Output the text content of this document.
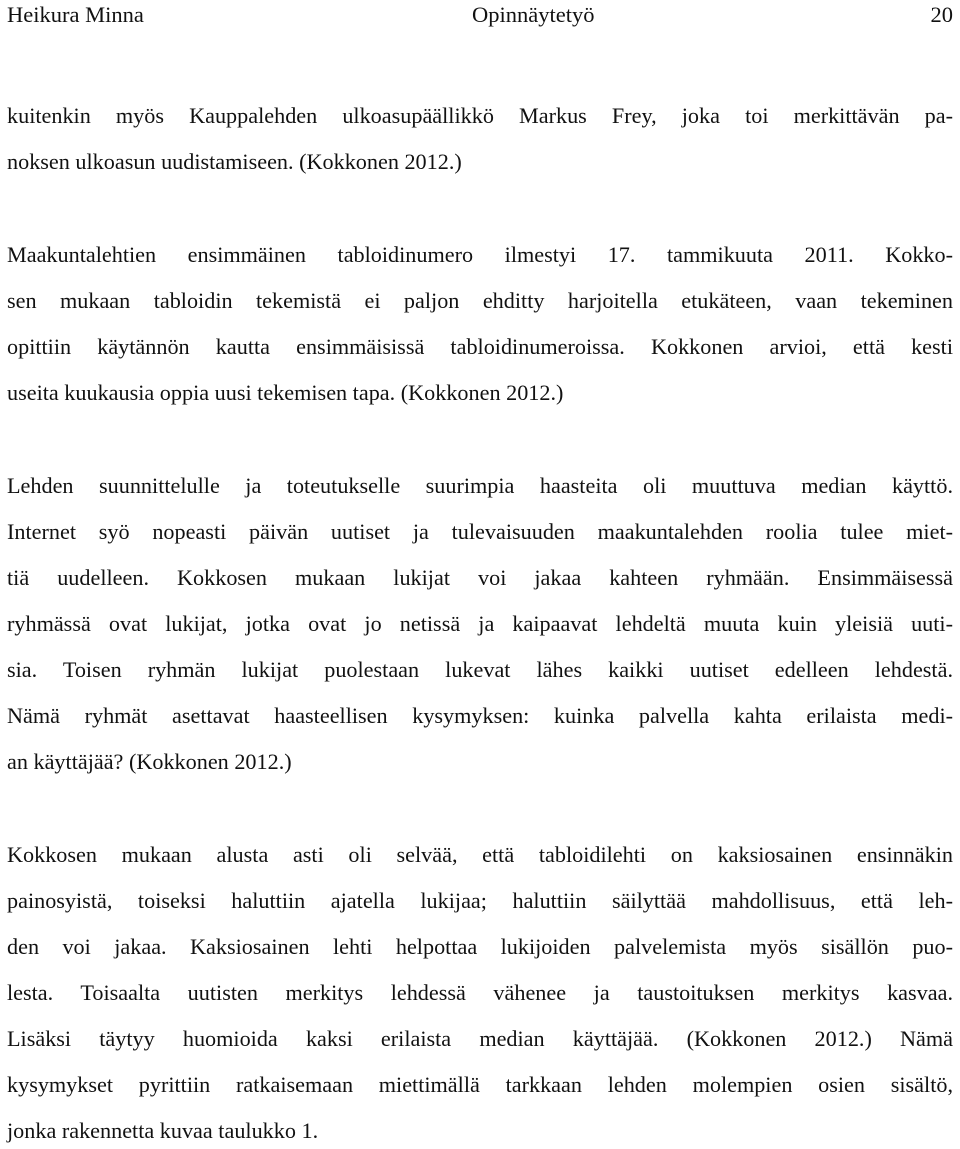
Heikura Minna	Opinnäytetyö	20
kuitenkin myös Kauppalehden ulkoasupäällikkö Markus Frey, joka toi merkittävän pa-
noksen ulkoasun uudistamiseen. (Kokkonen 2012.)
Maakuntalehtien ensimmäinen tabloidinumero ilmestyi 17. tammikuuta 2011. Kokko-
sen mukaan tabloidin tekemistä ei paljon ehditty harjoitella etukäteen, vaan tekeminen
opittiin käytännön kautta ensimmäisissä tabloidinumeroissa. Kokkonen arvioi, että kesti
useita kuukausia oppia uusi tekemisen tapa. (Kokkonen 2012.)
Lehden suunnittelulle ja toteutukselle suurimpia haasteita oli muuttuva median käyttö.
Internet syö nopeasti päivän uutiset ja tulevaisuuden maakuntalehden roolia tulee miet-
tiä uudelleen. Kokkosen mukaan lukijat voi jakaa kahteen ryhmään. Ensimmäisessä
ryhmässä ovat lukijat, jotka ovat jo netissä ja kaipaavat lehdeltä muuta kuin yleisiä uuti-
sia. Toisen ryhmän lukijat puolestaan lukevat lähes kaikki uutiset edelleen lehdestä.
Nämä ryhmät asettavat haasteellisen kysymyksen: kuinka palvella kahta erilaista medi-
an käyttäjää? (Kokkonen 2012.)
Kokkosen mukaan alusta asti oli selvää, että tabloidilehti on kaksiosainen ensinnäkin
painosyistä, toiseksi haluttiin ajatella lukijaa; haluttiin säilyttää mahdollisuus, että leh-
den voi jakaa. Kaksiosainen lehti helpottaa lukijoiden palvelemista myös sisällön puo-
lesta. Toisaalta uutisten merkitys lehdessä vähenee ja taustoituksen merkitys kasvaa.
Lisäksi täytyy huomioida kaksi erilaista median käyttäjää. (Kokkonen 2012.) Nämä
kysymykset pyrittiin ratkaisemaan miettimällä tarkkaan lehden molempien osien sisältö,
jonka rakennetta kuvaa taulukko 1.
